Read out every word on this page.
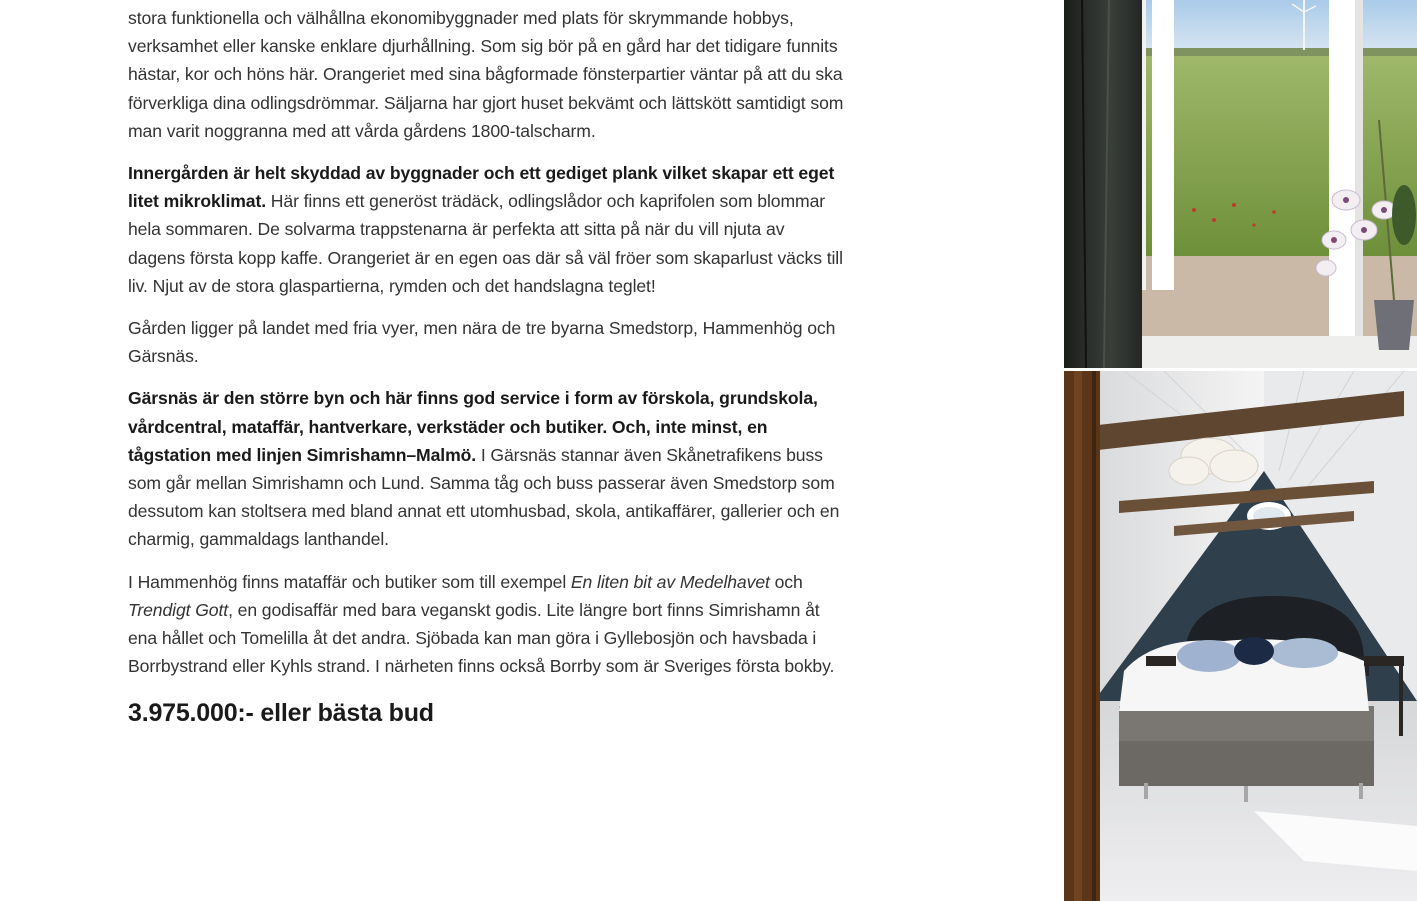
stora funktionella och välhållna ekonomibyggnader med plats för skrymmande hobbys, verksamhet eller kanske enklare djurhållning. Som sig bör på en gård har det tidigare funnits hästar, kor och höns här. Orangeriet med sina bågformade fönsterpartier väntar på att du ska förverkliga dina odlingsdrömmar. Säljarna har gjort huset bekvämt och lättskött samtidigt som man varit noggranna med att vårda gårdens 1800-talscharm.

Innergården är helt skyddad av byggnader och ett gediget plank vilket skapar ett eget litet mikroklimat. Här finns ett generöst trädäck, odlingslådor och kaprifolen som blommar hela sommaren. De solvarma trappstenarna är perfekta att sitta på när du vill njuta av dagens första kopp kaffe. Orangeriet är en egen oas där så väl fröer som skaparlust väcks till liv. Njut av de stora glaspartierna, rymden och det handslagna teglet!

Gården ligger på landet med fria vyer, men nära de tre byarna Smedstorp, Hammenhög och Gärsnäs.

Gärsnäs är den större byn och här finns god service i form av förskola, grundskola, vårdcentral, mataffär, hantverkare, verkstäder och butiker. Och, inte minst, en tågstation med linjen Simrishamn–Malmö. I Gärsnäs stannar även Skånetrafikens buss som går mellan Simrishamn och Lund. Samma tåg och buss passerar även Smedstorp som dessutom kan stoltsera med bland annat ett utomhusbad, skola, antikaffärer, gallerier och en charmig, gammaldags lanthandel.

I Hammenhög finns mataffär och butiker som till exempel En liten bit av Medelhavet och Trendigt Gott, en godisaffär med bara veganskt godis. Lite längre bort finns Simrishamn åt ena hållet och Tomelilla åt det andra. Sjöbada kan man göra i Gyllebosjön och havsbada i Borrbystrand eller Kyhls strand. I närheten finns också Borrby som är Sveriges första bokby.

3.975.000:- eller bästa bud
